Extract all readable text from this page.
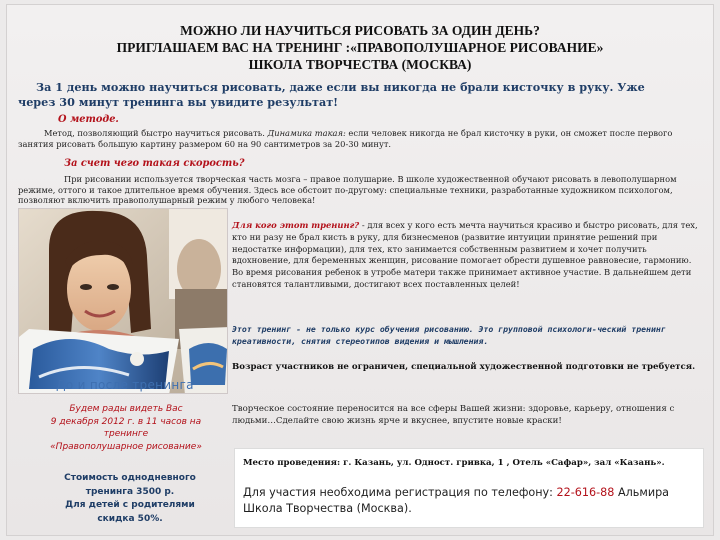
МОЖНО ЛИ НАУЧИТЬСЯ РИСОВАТЬ ЗА ОДИН ДЕНЬ?
ПРИГЛАШАЕМ ВАС НА ТРЕНИНГ :«ПРАВОПОЛУШАРНОЕ РИСОВАНИЕ»
ШКОЛА ТВОРЧЕСТВА (МОСКВА)
За 1 день можно научиться рисовать, даже если вы никогда не брали кисточку в руку. Уже
через 30 минут тренинга вы увидите результат!
О методе.
Метод, позволяющий быстро научиться рисовать. Динамика такая: если человек никогда не брал кисточку в руки, он сможет после первого занятия рисовать большую картину размером 60 на 90 сантиметров за 20-30 минут.
За счет чего такая скорость?
При рисовании используется творческая часть мозга – правое полушарие. В школе художественной обучают рисовать в левополушарном режиме, оттого и такое длительное время обучения. Здесь все обстоит по-другому: специальные техники, разработанные художником психологом, позволяют включить правополушарный режим у любого человека!
До и после тренинга
Для кого этот тренинг? - для всех у кого есть мечта научиться красиво и быстро рисовать, для тех, кто ни разу не брал кисть в руку, для бизнесменов (развитие интуиции принятие решений при недостатке информации), для тех, кто занимается собственным развитием и хочет получить вдохновение, для беременных женщин, рисование помогает обрести душевное равновесие, гармонию. Во время рисования ребенок в утробе матери также принимает активное участие. В дальнейшем дети становятся талантливыми, достигают всех поставленных целей!
Этот тренинг - не только курс обучения рисованию. Это групповой психологи-ческий тренинг креативности, снятия стереотипов видения и мышления.
Возраст участников не ограничен, специальной художественной подготовки не требуется.
Творческое состояние переносится на все сферы Вашей жизни: здоровье, карьеру, отношения с людьми…Сделайте свою жизнь ярче и вкуснее, впустите новые краски!
Будем рады видеть Вас
9 декабря 2012 г. в 11 часов на
тренинге
«Правополушарное рисование»
Стоимость однодневного
тренинга 3500 р.
Для детей с родителями
скидка 50%.
Место проведения: г. Казань, ул. Одност. гривка, 1 , Отель «Сафар», зал «Казань».
Для участия необходима регистрация по телефону: 22-616-88 Альмира Школа Творчества (Москва).
